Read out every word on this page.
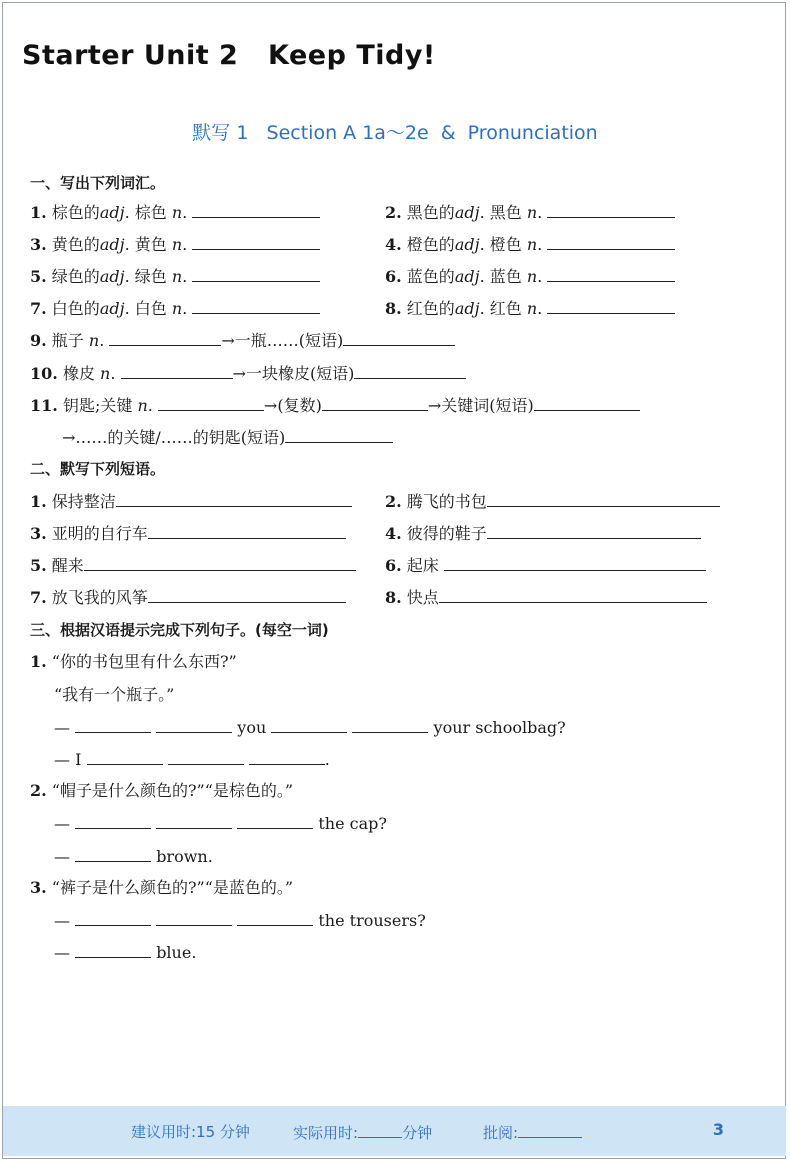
Starter Unit 2   Keep Tidy!
默写 1   Section A 1a～2e  &  Pronunciation
一、写出下列词汇。
1. 棕色的adj. 棕色 n.	2. 黑色的adj. 黑色 n.
3. 黄色的adj. 黄色 n.	4. 橙色的adj. 橙色 n.
5. 绿色的adj. 绿色 n.	6. 蓝色的adj. 蓝色 n.
7. 白色的adj. 白色 n.	8. 红色的adj. 红色 n.
9. 瓶子 n.	→一瓶……(短语)
10. 橡皮 n.	→一块橡皮(短语)
11. 钥匙;关键 n.	→(复数)	→关键词(短语)
→……的关键/……的钥匙(短语)
二、默写下列短语。
1. 保持整洁	2. 腾飞的书包
3. 亚明的自行车	4. 彼得的鞋子
5. 醒来	6. 起床
7. 放飞我的风筝	8. 快点
三、根据汉语提示完成下列句子。(每空一词)
1. “你的书包里有什么东西?”
“我有一个瓶子。”
—	you	your schoolbag?
— I	.
2. “帽子是什么颜色的?”“是棕色的。”
—	the cap?
—	brown.
3. “裤子是什么颜色的?”“是蓝色的。”
—	the trousers?
—	blue.
建议用时:15 分钟	实际用时:	分钟	批阅:	3
